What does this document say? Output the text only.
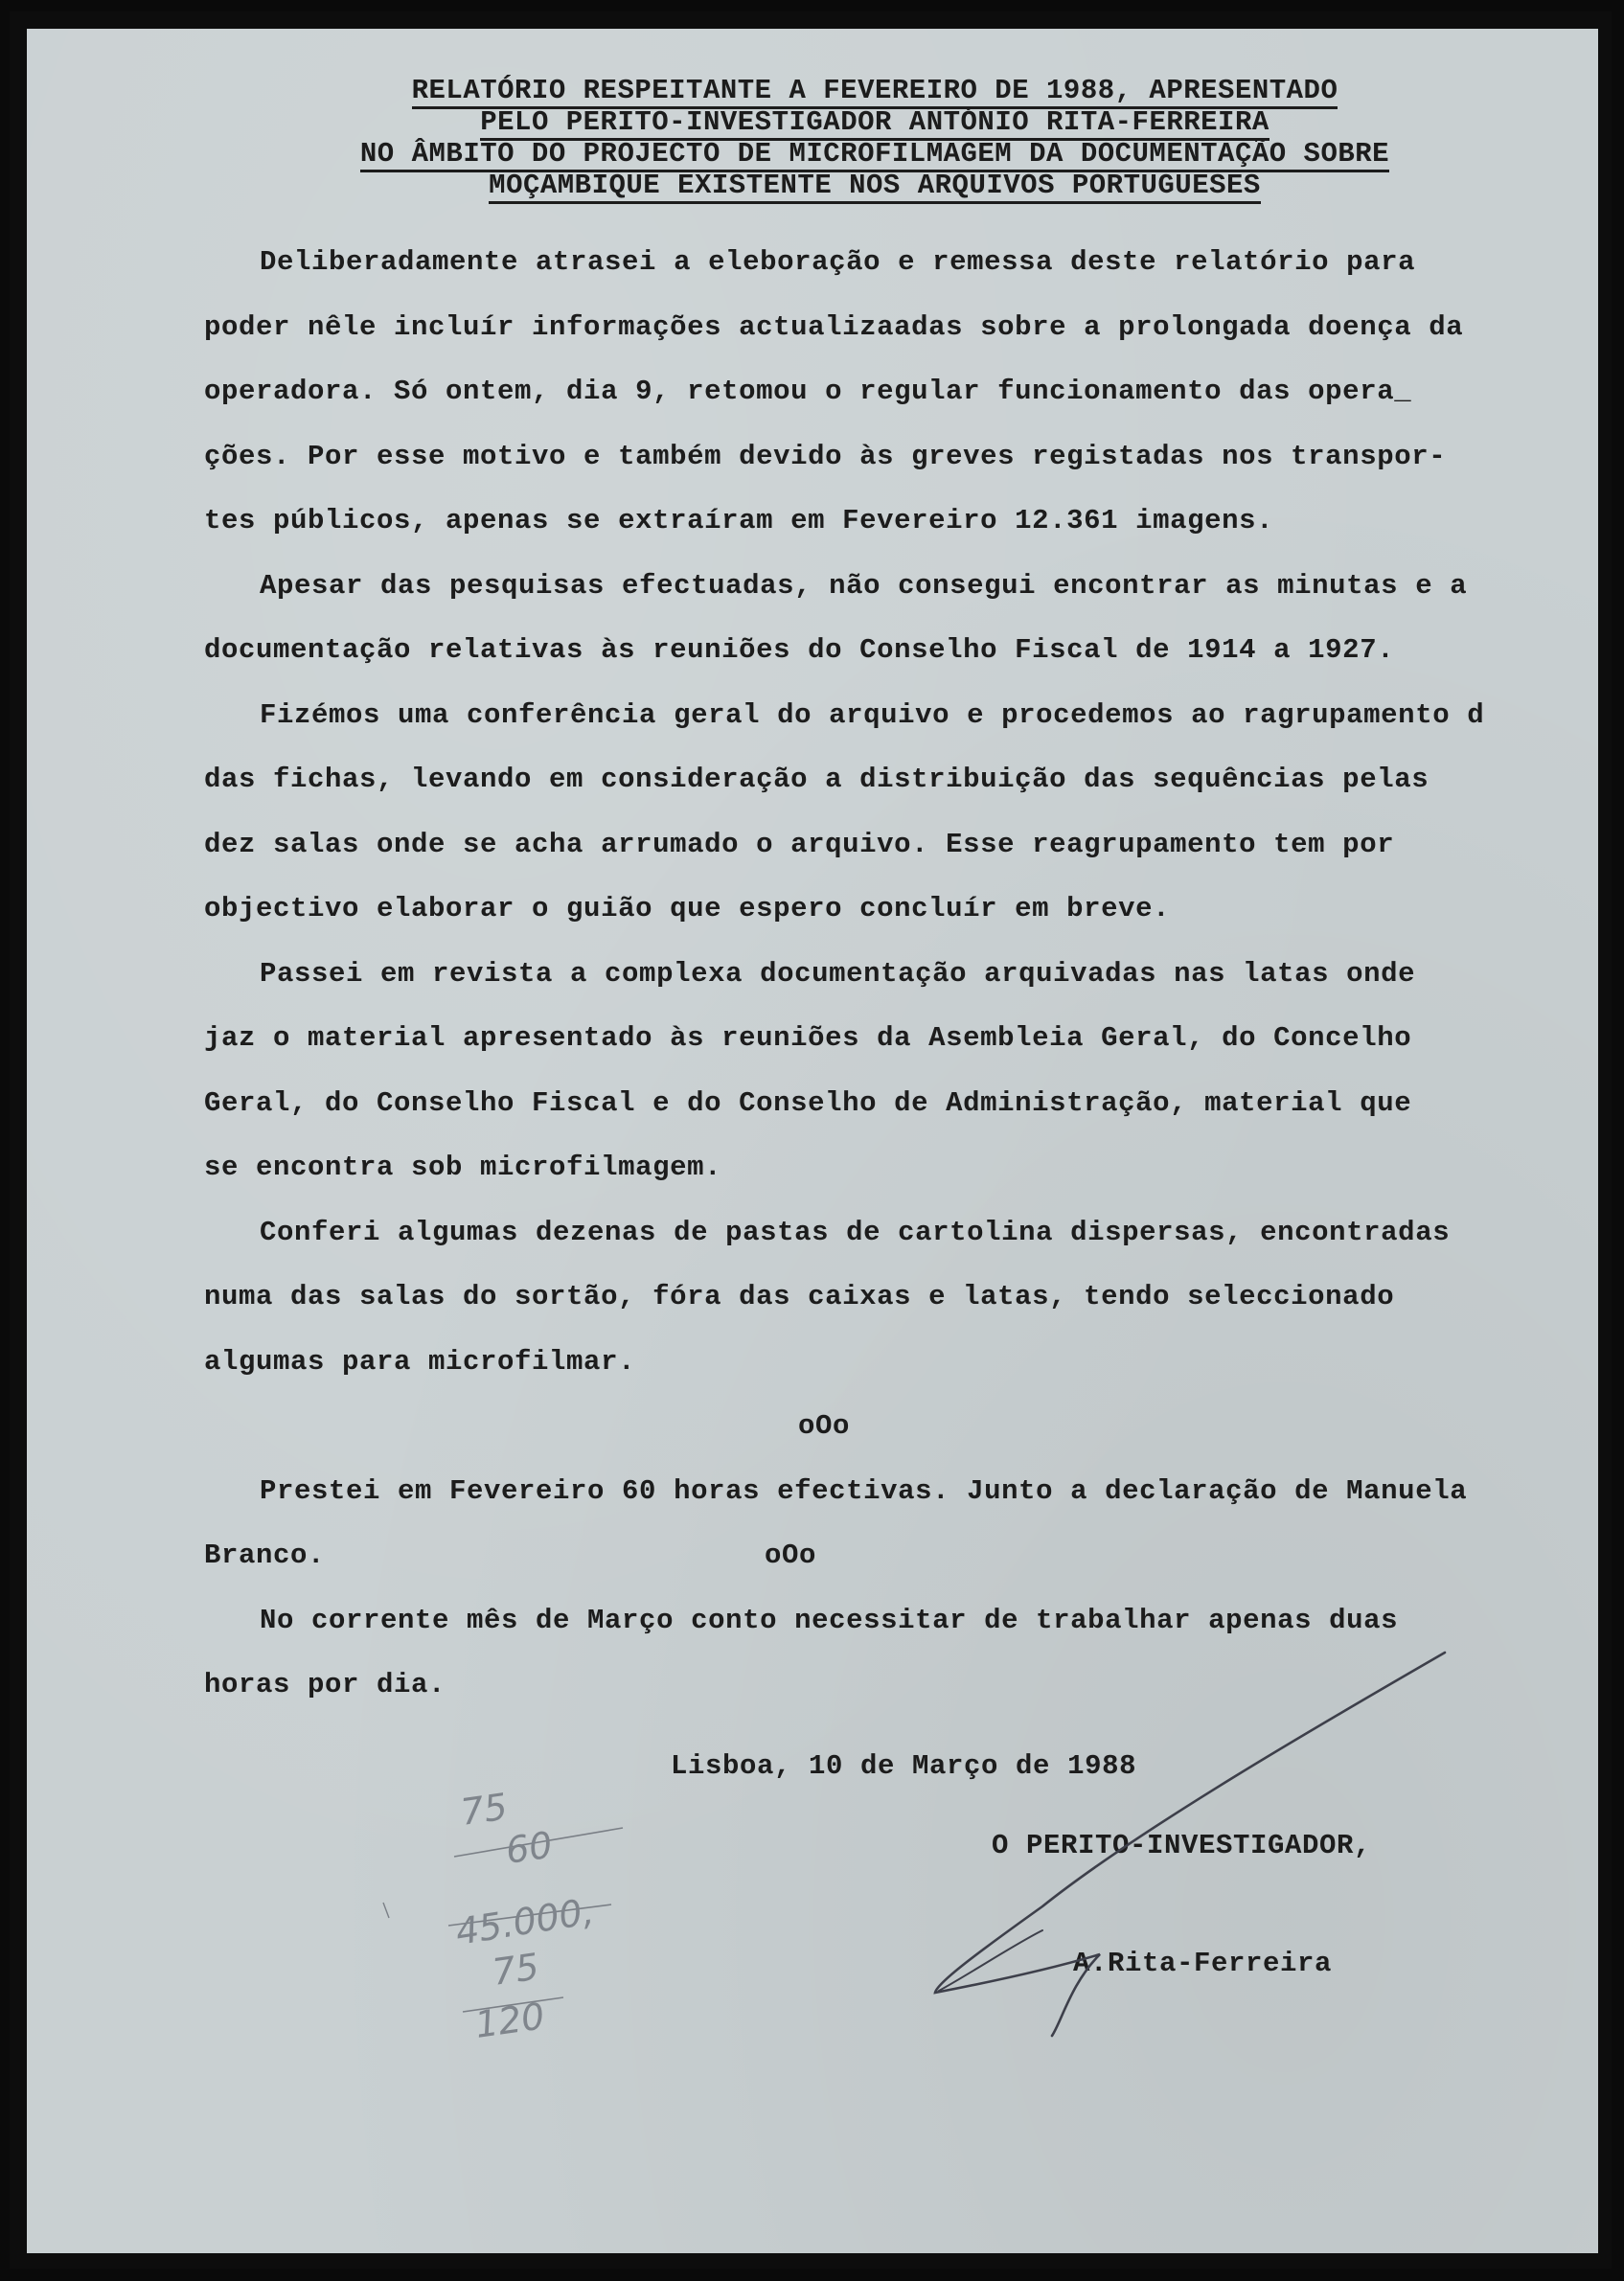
RELATÓRIO RESPEITANTE A FEVEREIRO DE 1988, APRESENTADO
PELO PERITO-INVESTIGADOR ANTÓNIO RITA-FERREIRA
NO ÂMBITO DO PROJECTO DE MICROFILMAGEM DA DOCUMENTAÇÃO SOBRE
MOÇAMBIQUE EXISTENTE NOS ARQUIVOS PORTUGUESES
Deliberadamente atrasei a eleboração e remessa deste relatório para
poder nêle incluír informações actualizaadas sobre a prolongada doença da
operadora. Só ontem, dia 9, retomou o regular funcionamento das opera_
ções. Por esse motivo e também devido às greves registadas nos transpor-
tes públicos, apenas se extraíram em Fevereiro 12.361 imagens.
Apesar das pesquisas efectuadas, não consegui encontrar as minutas e a
documentação relativas às reuniões do Conselho Fiscal de 1914 a 1927.
Fizémos uma conferência geral do arquivo e procedemos ao ragrupamento d
das fichas, levando em consideração a distribuição das sequências pelas
dez salas onde se acha arrumado o arquivo. Esse reagrupamento tem por
objectivo elaborar o guião que espero concluír em breve.
Passei em revista a complexa documentação arquivadas nas latas onde
jaz o material apresentado às reuniões da Asembleia Geral, do Concelho
Geral, do Conselho Fiscal e do Conselho de Administração, material que
se encontra sob microfilmagem.
Conferi algumas dezenas de pastas de cartolina dispersas, encontradas
numa das salas do sortão, fóra das caixas e latas, tendo seleccionado
algumas para microfilmar.
oOo
Prestei em Fevereiro 60 horas efectivas. Junto a declaração de Manuela
Branco.	oOo
No corrente mês de Março conto necessitar de trabalhar apenas duas
horas por dia.
Lisboa, 10 de Março de 1988
O PERITO-INVESTIGADOR,
A.Rita-Ferreira
75
60
45.000,
75
120
